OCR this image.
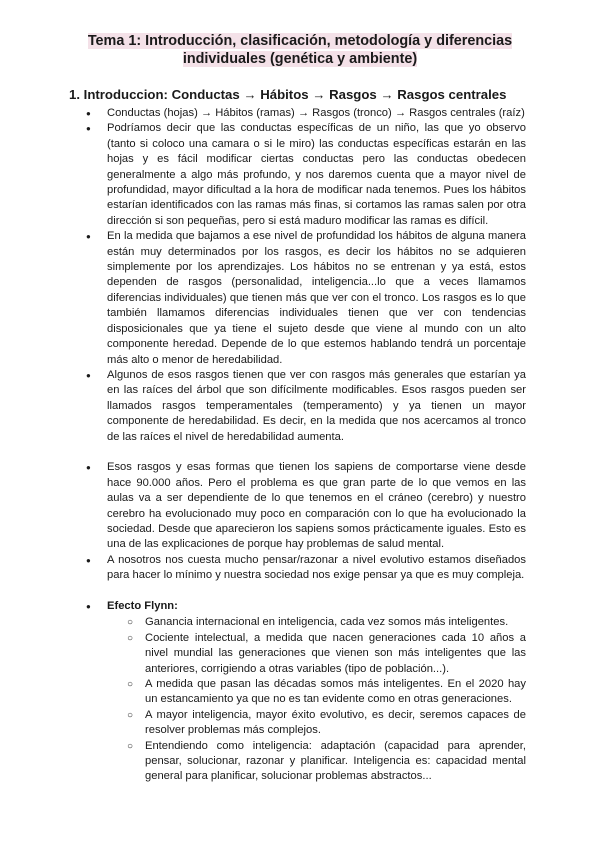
Tema 1: Introducción, clasificación, metodología y diferencias
individuales (genética y ambiente)
1. Introduccion: Conductas → Hábitos → Rasgos → Rasgos centrales
● Conductas (hojas) → Hábitos (ramas) → Rasgos (tronco) → Rasgos centrales (raíz)
● Podríamos decir que las conductas específicas de un niño, las que yo observo (tanto si coloco una camara o si le miro) las conductas específicas estarán en las hojas y es fácil modificar ciertas conductas pero las conductas obedecen generalmente a algo más profundo, y nos daremos cuenta que a mayor nivel de profundidad, mayor dificultad a la hora de modificar nada tenemos. Pues los hábitos estarían identificados con las ramas más finas, si cortamos las ramas salen por otra dirección si son pequeñas, pero si está maduro modificar las ramas es difícil.
● En la medida que bajamos a ese nivel de profundidad los hábitos de alguna manera están muy determinados por los rasgos, es decir los hábitos no se adquieren simplemente por los aprendizajes. Los hábitos no se entrenan y ya está, estos dependen de rasgos (personalidad, inteligencia...lo que a veces llamamos diferencias individuales) que tienen más que ver con el tronco. Los rasgos es lo que también llamamos diferencias individuales tienen que ver con tendencias disposicionales que ya tiene el sujeto desde que viene al mundo con un alto componente heredad. Depende de lo que estemos hablando tendrá un porcentaje más alto o menor de heredabilidad.
● Algunos de esos rasgos tienen que ver con rasgos más generales que estarían ya en las raíces del árbol que son difícilmente modificables. Esos rasgos pueden ser llamados rasgos temperamentales (temperamento) y ya tienen un mayor componente de heredabilidad. Es decir, en la medida que nos acercamos al tronco de las raíces el nivel de heredabilidad aumenta.
● Esos rasgos y esas formas que tienen los sapiens de comportarse viene desde hace 90.000 años. Pero el problema es que gran parte de lo que vemos en las aulas va a ser dependiente de lo que tenemos en el cráneo (cerebro) y nuestro cerebro ha evolucionado muy poco en comparación con lo que ha evolucionado la sociedad. Desde que aparecieron los sapiens somos prácticamente iguales. Esto es una de las explicaciones de porque hay problemas de salud mental.
● A nosotros nos cuesta mucho pensar/razonar a nivel evolutivo estamos diseñados para hacer lo mínimo y nuestra sociedad nos exige pensar ya que es muy compleja.
● Efecto Flynn:
○ Ganancia internacional en inteligencia, cada vez somos más inteligentes.
○ Cociente intelectual, a medida que nacen generaciones cada 10 años a nivel mundial las generaciones que vienen son más inteligentes que las anteriores, corrigiendo a otras variables (tipo de población...).
○ A medida que pasan las décadas somos más inteligentes. En el 2020 hay un estancamiento ya que no es tan evidente como en otras generaciones.
○ A mayor inteligencia, mayor éxito evolutivo, es decir, seremos capaces de resolver problemas más complejos.
○ Entendiendo como inteligencia: adaptación (capacidad para aprender, pensar, solucionar, razonar y planificar. Inteligencia es: capacidad mental general para planificar, solucionar problemas abstractos...
